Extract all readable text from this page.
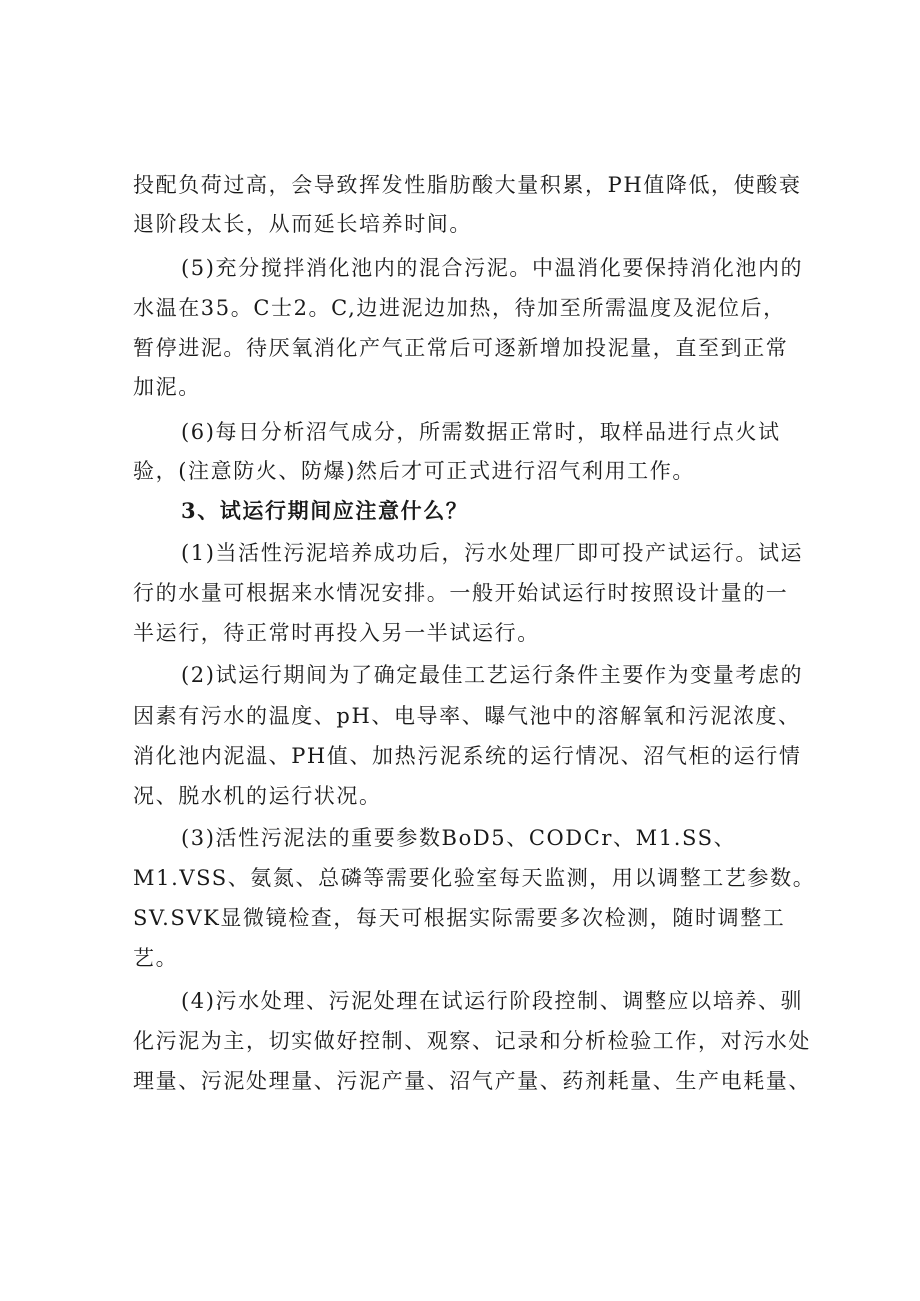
投配负荷过高，会导致挥发性脂肪酸大量积累，PH值降低，使酸衰

退阶段太长，从而延长培养时间。

(5)充分搅拌消化池内的混合污泥。中温消化要保持消化池内的

水温在35。C士2。C,边进泥边加热，待加至所需温度及泥位后，

暂停进泥。待厌氧消化产气正常后可逐新增加投泥量，直至到正常

加泥。

(6)每日分析沼气成分，所需数据正常时，取样品进行点火试

验，(注意防火、防爆)然后才可正式进行沼气利用工作。

3、试运行期间应注意什么？

(1)当活性污泥培养成功后，污水处理厂即可投产试运行。试运

行的水量可根据来水情况安排。一般开始试运行时按照设计量的一

半运行，待正常时再投入另一半试运行。

(2)试运行期间为了确定最佳工艺运行条件主要作为变量考虑的

因素有污水的温度、pH、电导率、曝气池中的溶解氧和污泥浓度、

消化池内泥温、PH值、加热污泥系统的运行情况、沼气柜的运行情

况、脱水机的运行状况。

(3)活性污泥法的重要参数BoD5、CODCr、M1.SS、

M1.VSS、氨氮、总磷等需要化验室每天监测，用以调整工艺参数。

SV.SVK显微镜检查，每天可根据实际需要多次检测，随时调整工

艺。

(4)污水处理、污泥处理在试运行阶段控制、调整应以培养、驯

化污泥为主，切实做好控制、观察、记录和分析检验工作，对污水处

理量、污泥处理量、污泥产量、沼气产量、药剂耗量、生产电耗量、
